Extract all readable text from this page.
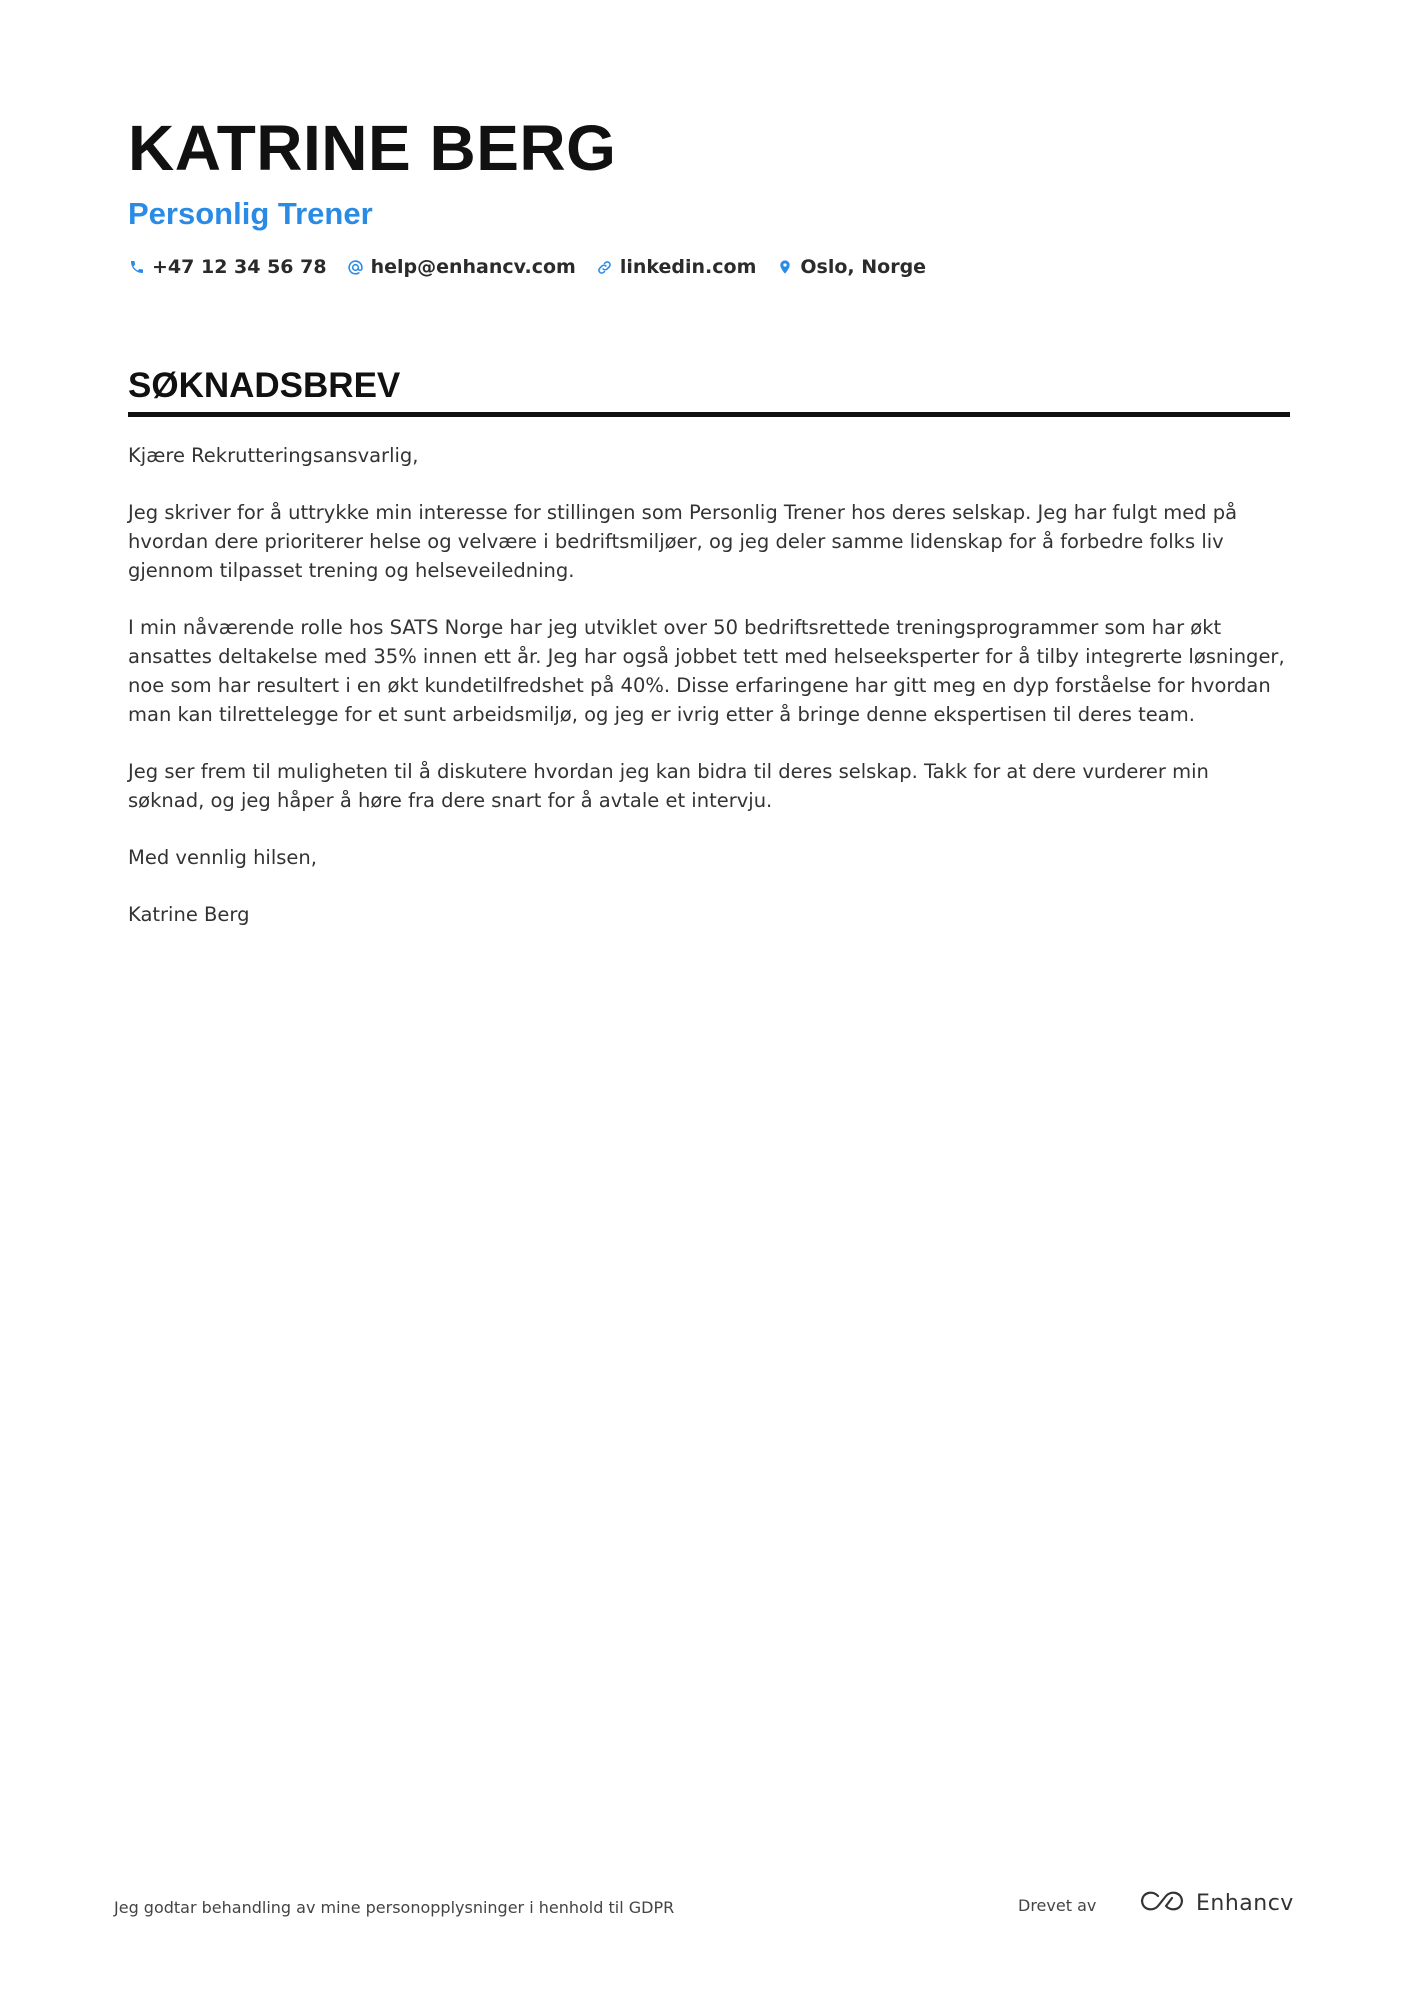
KATRINE BERG
Personlig Trener
+47 12 34 56 78 help@enhancv.com linkedin.com Oslo, Norge
SØKNADSBREV

Kjære Rekrutteringsansvarlig,

Jeg skriver for å uttrykke min interesse for stillingen som Personlig Trener hos deres selskap. Jeg har fulgt med på hvordan dere prioriterer helse og velvære i bedriftsmiljøer, og jeg deler samme lidenskap for å forbedre folks liv gjennom tilpasset trening og helseveiledning.

I min nåværende rolle hos SATS Norge har jeg utviklet over 50 bedriftsrettede treningsprogrammer som har økt ansattes deltakelse med 35% innen ett år. Jeg har også jobbet tett med helseeksperter for å tilby integrerte løsninger, noe som har resultert i en økt kundetilfredshet på 40%. Disse erfaringene har gitt meg en dyp forståelse for hvordan man kan tilrettelegge for et sunt arbeidsmiljø, og jeg er ivrig etter å bringe denne ekspertisen til deres team.

Jeg ser frem til muligheten til å diskutere hvordan jeg kan bidra til deres selskap. Takk for at dere vurderer min søknad, og jeg håper å høre fra dere snart for å avtale et intervju.

Med vennlig hilsen,

Katrine Berg

Jeg godtar behandling av mine personopplysninger i henhold til GDPR	Drevet av	Enhancv
